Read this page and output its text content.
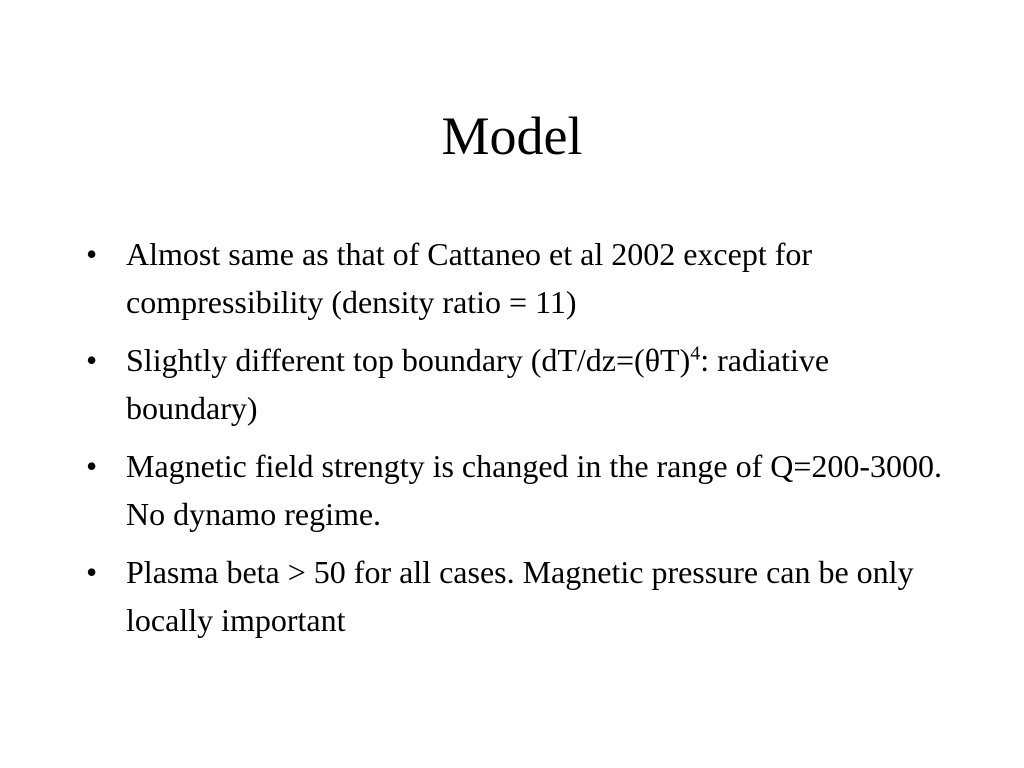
Model
• Almost same as that of Cattaneo et al 2002 except for compressibility (density ratio = 11)
• Slightly different top boundary ($dT/dz=(\theta T)^4$: radiative boundary)
• Magnetic field strengty is changed in the range of Q=200-3000. No dynamo regime.
• Plasma beta > 50 for all cases. Magnetic pressure can be only locally important
